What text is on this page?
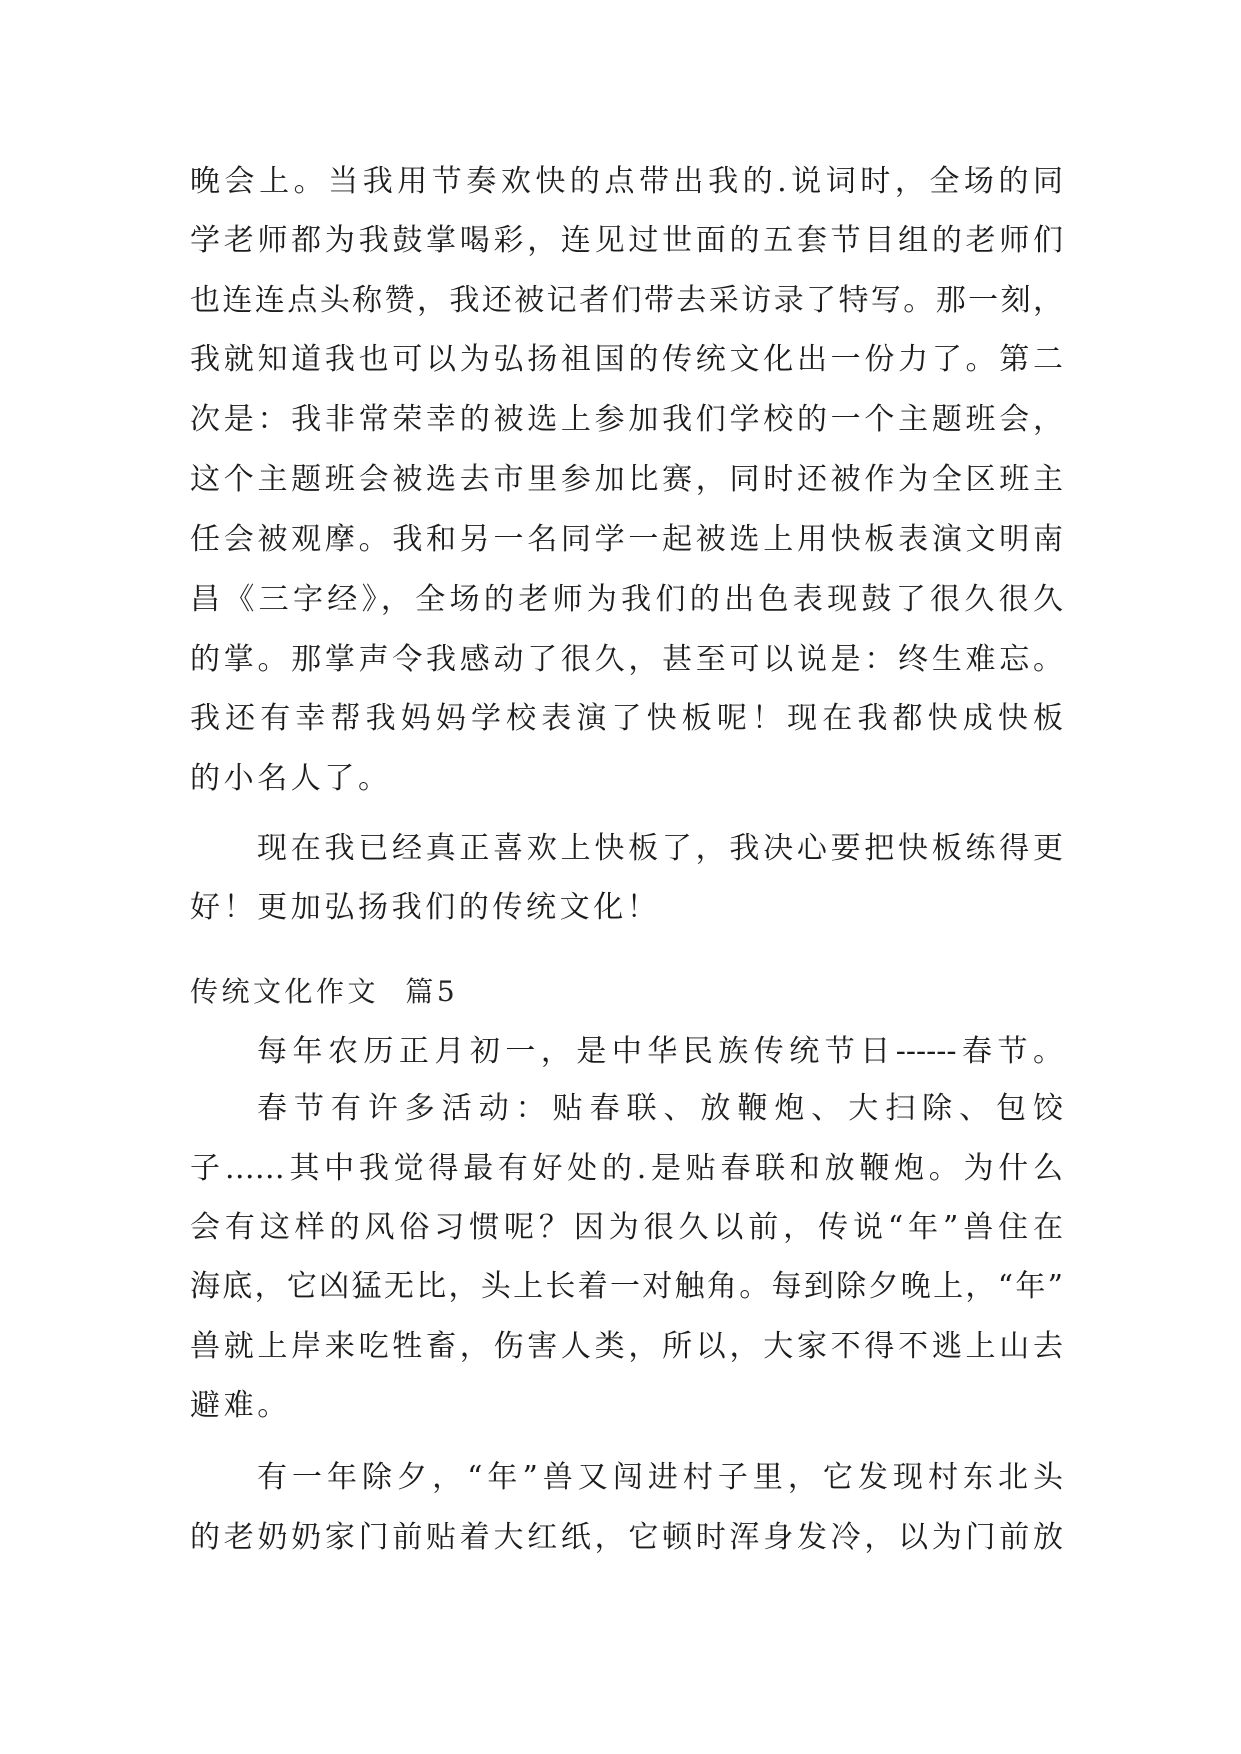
晚会上。当我用节奏欢快的点带出我的.说词时，全场的同
学老师都为我鼓掌喝彩，连见过世面的五套节目组的老师们
也连连点头称赞，我还被记者们带去采访录了特写。那一刻，
我就知道我也可以为弘扬祖国的传统文化出一份力了。第二
次是：我非常荣幸的被选上参加我们学校的一个主题班会，
这个主题班会被选去市里参加比赛，同时还被作为全区班主
任会被观摩。我和另一名同学一起被选上用快板表演文明南
昌《三字经》，全场的老师为我们的出色表现鼓了很久很久
的掌。那掌声令我感动了很久，甚至可以说是：终生难忘。
我还有幸帮我妈妈学校表演了快板呢！现在我都快成快板
的小名人了。
现在我已经真正喜欢上快板了，我决心要把快板练得更
好！更加弘扬我们的传统文化！
传统文化作文 篇5
每年农历正月初一，是中华民族传统节日------春节。
春节有许多活动：贴春联、放鞭炮、大扫除、包饺
子……其中我觉得最有好处的.是贴春联和放鞭炮。为什么
会有这样的风俗习惯呢？因为很久以前，传说“年”兽住在
海底，它凶猛无比，头上长着一对触角。每到除夕晚上，“年”
兽就上岸来吃牲畜，伤害人类，所以，大家不得不逃上山去
避难。
有一年除夕，“年”兽又闯进村子里，它发现村东北头
的老奶奶家门前贴着大红纸，它顿时浑身发冷，以为门前放
